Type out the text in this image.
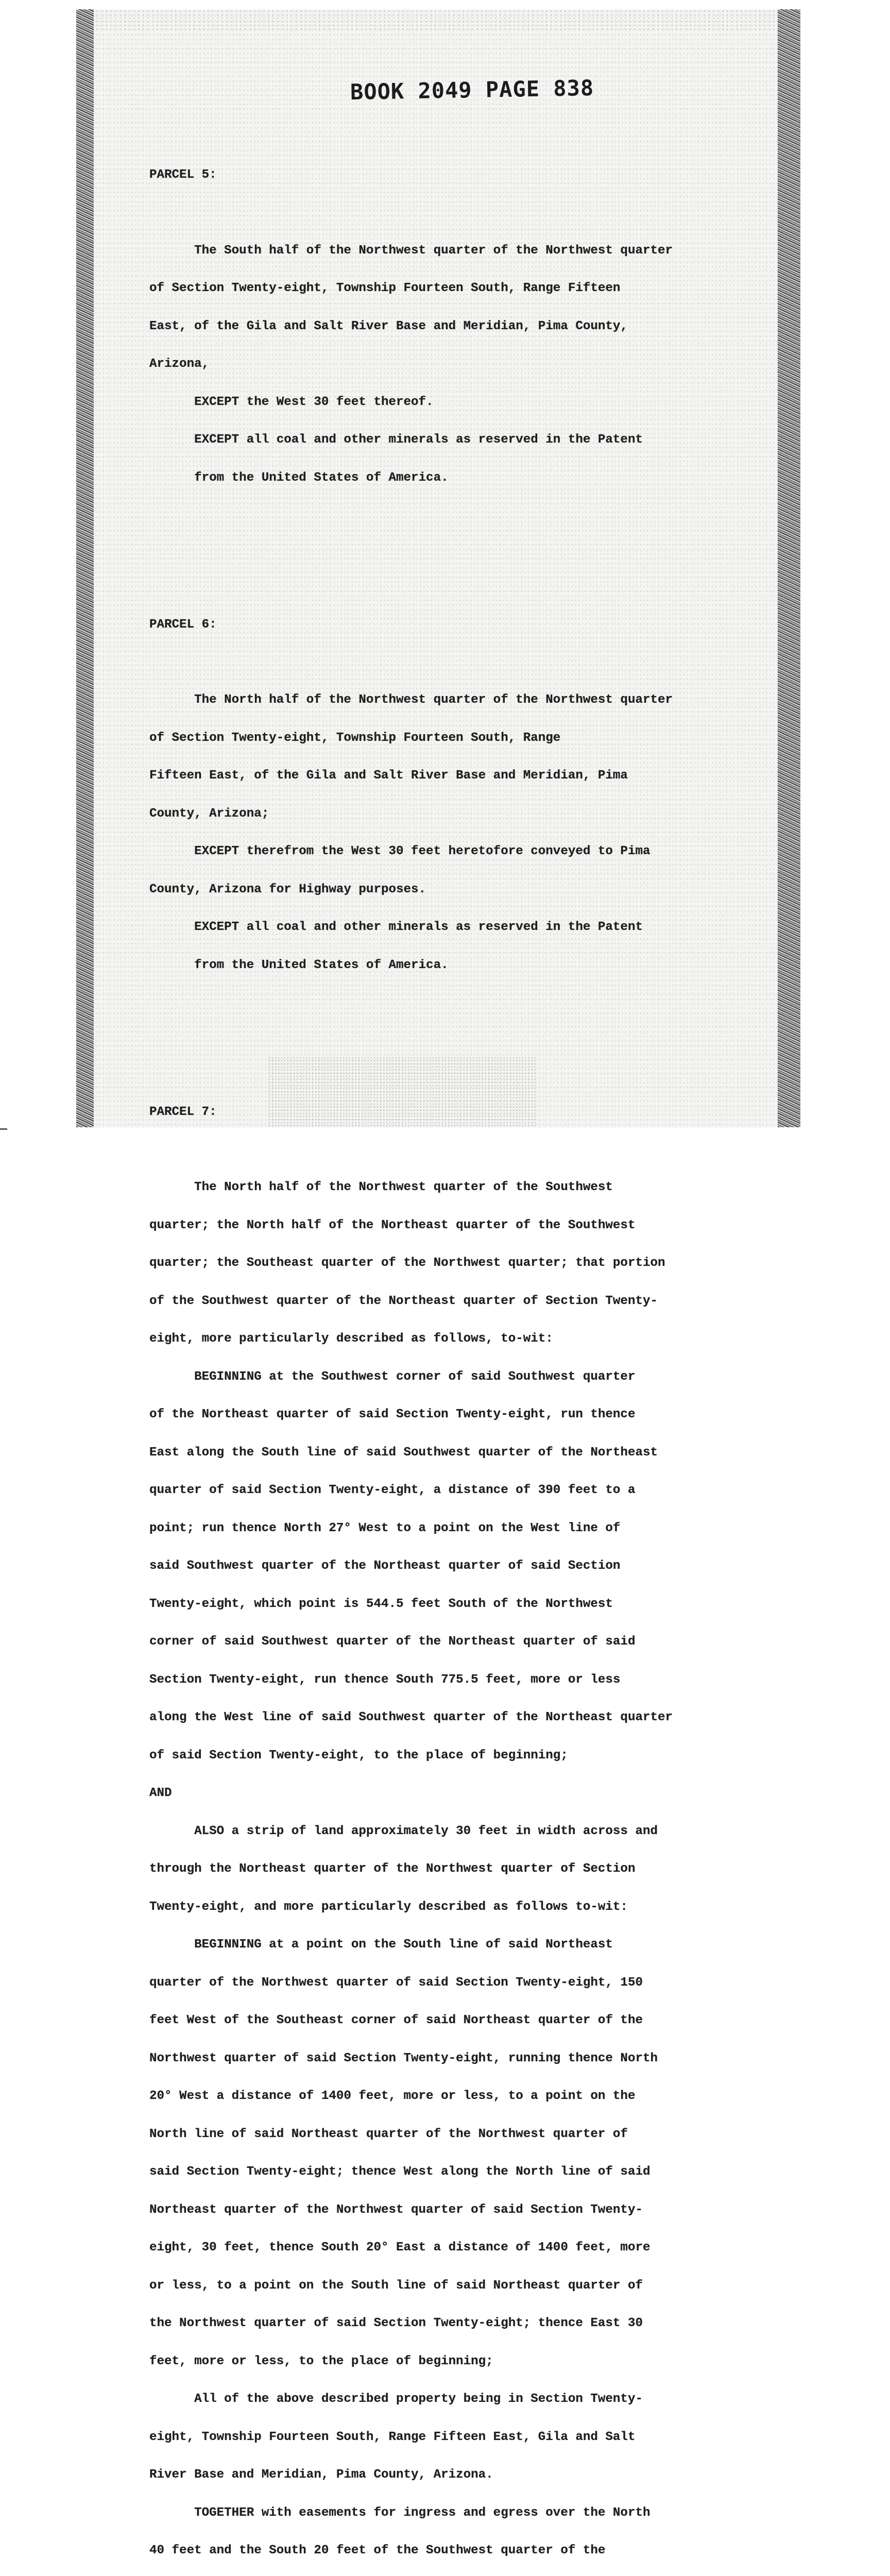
BOOK 2049 PAGE 838

PARCEL 5:

The South half of the Northwest quarter of the Northwest quarter

of Section Twenty-eight, Township Fourteen South, Range Fifteen

East, of the Gila and Salt River Base and Meridian, Pima County,

Arizona,

EXCEPT the West 30 feet thereof.

EXCEPT all coal and other minerals as reserved in the Patent

from the United States of America.

PARCEL 6:

The North half of the Northwest quarter of the Northwest quarter

of Section Twenty-eight, Township Fourteen South, Range

Fifteen East, of the Gila and Salt River Base and Meridian, Pima

County, Arizona;

EXCEPT therefrom the West 30 feet heretofore conveyed to Pima

County, Arizona for Highway purposes.

EXCEPT all coal and other minerals as reserved in the Patent

from the United States of America.

PARCEL 7:

The North half of the Northwest quarter of the Southwest

quarter; the North half of the Northeast quarter of the Southwest

quarter; the Southeast quarter of the Northwest quarter; that portion

of the Southwest quarter of the Northeast quarter of Section Twenty-

eight, more particularly described as follows, to-wit:

BEGINNING at the Southwest corner of said Southwest quarter

of the Northeast quarter of said Section Twenty-eight, run thence

East along the South line of said Southwest quarter of the Northeast

quarter of said Section Twenty-eight, a distance of 390 feet to a

point; run thence North 27° West to a point on the West line of

said Southwest quarter of the Northeast quarter of said Section

Twenty-eight, which point is 544.5 feet South of the Northwest

corner of said Southwest quarter of the Northeast quarter of said

Section Twenty-eight, run thence South 775.5 feet, more or less

along the West line of said Southwest quarter of the Northeast quarter

of said Section Twenty-eight, to the place of beginning;

AND

ALSO a strip of land approximately 30 feet in width across and

through the Northeast quarter of the Northwest quarter of Section

Twenty-eight, and more particularly described as follows to-wit:

BEGINNING at a point on the South line of said Northeast

quarter of the Northwest quarter of said Section Twenty-eight, 150

feet West of the Southeast corner of said Northeast quarter of the

Northwest quarter of said Section Twenty-eight, running thence North

20° West a distance of 1400 feet, more or less, to a point on the

North line of said Northeast quarter of the Northwest quarter of

said Section Twenty-eight; thence West along the North line of said

Northeast quarter of the Northwest quarter of said Section Twenty-

eight, 30 feet, thence South 20° East a distance of 1400 feet, more

or less, to a point on the South line of said Northeast quarter of

the Northwest quarter of said Section Twenty-eight; thence East 30

feet, more or less, to the place of beginning;

All of the above described property being in Section Twenty-

eight, Township Fourteen South, Range Fifteen East, Gila and Salt

River Base and Meridian, Pima County, Arizona.

TOGETHER with easements for ingress and egress over the North

40 feet and the South 20 feet of the Southwest quarter of the
